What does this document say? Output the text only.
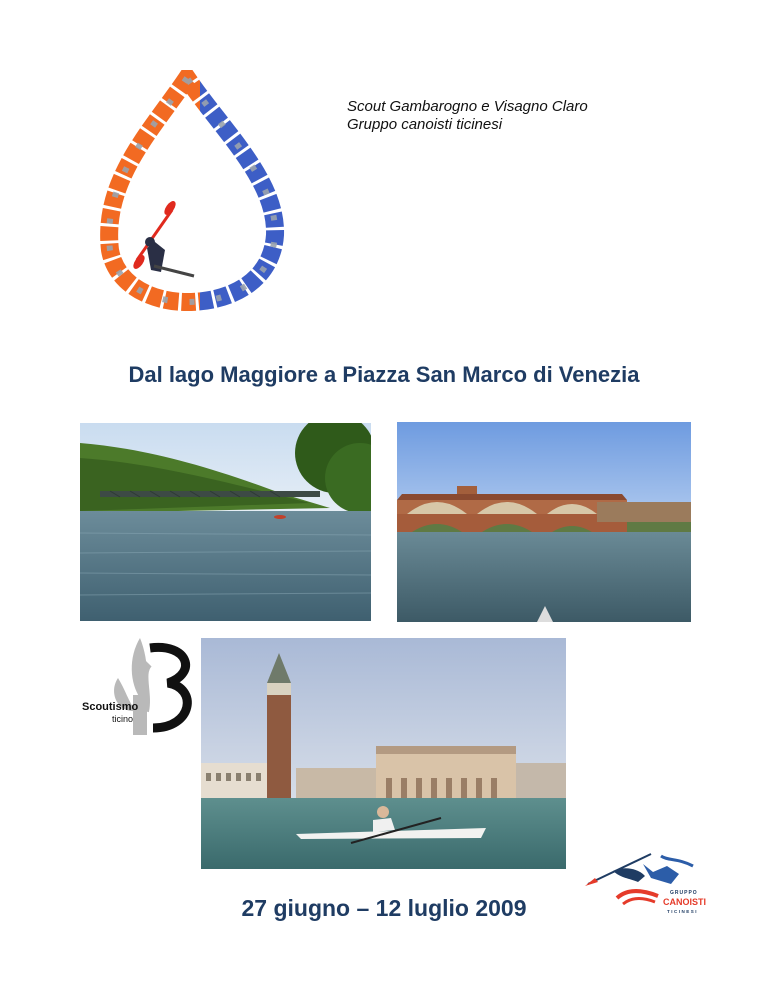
Scout Gambarogno e Visagno Claro
Gruppo canoisti ticinesi
Dal lago Maggiore a Piazza San Marco di Venezia
Scoutismo
ticino
27 giugno – 12 luglio 2009
GRUPPO
CANOISTI
TICINESI
